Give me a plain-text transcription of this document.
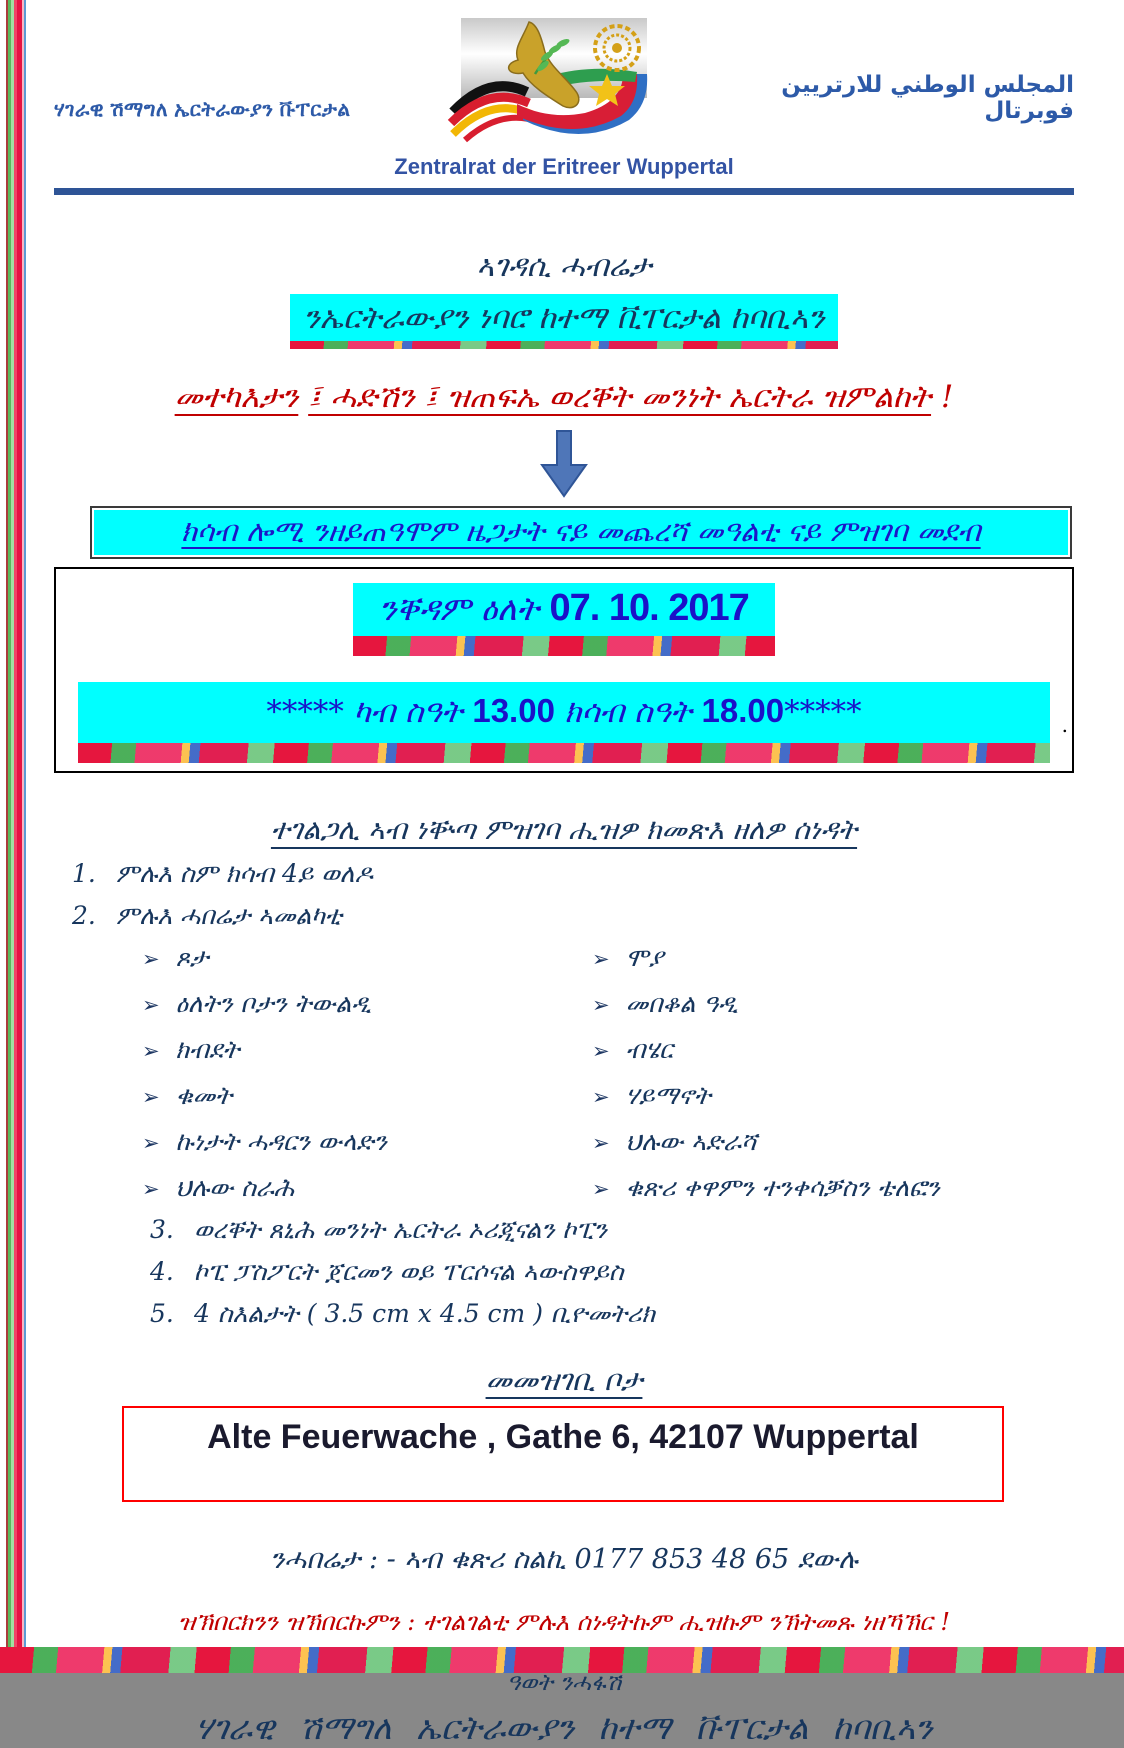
ሃገራዊ ሽማግለ ኤርትራውያን ቩፐርታል
المجلس الوطني للارتريين فوبرتال
Zentralrat der Eritreer Wuppertal
ኣገዳሲ ሓብሬታ
ንኤርትራውያን ነባሮ ከተማ ቪፐርታል ከባቢኣን
መተካእታን ፤ ሓድሽን ፤ ዝጠፍኤ ወረቐት መንነት ኤርትራ ዝምልከት !
ክሳብ ሎሚ ንዘይጠዓሞም ዜጋታት ናይ መጨረሻ መዓልቲ ናይ ምዝገባ መደብ
ንቐዳም ዕለት 07. 10. 2017
***** ካብ ስዓት 13.00 ክሳብ ስዓት 18.00*****	.
ተገልጋሊ ኣብ ነቝጣ ምዝገባ ሒዝዎ ክመጽእ ዘለዎ ሰነዳት
1. ምሉእ ስም ክሳብ 4ይ ወለዶ
2. ምሉእ ሓበሬታ ኣመልካቲ
➢ ጾታ	➢ ሞያ
➢ ዕለትን ቦታን ትውልዲ	➢ መበቆል ዓዲ
➢ ክብደት	➢ ብሄር
➢ ቁመት	➢ ሃይማኖት
➢ ኩነታት ሓዳርን ውላድን	➢ ህሉው ኣድራሻ
➢ ህሉው ስራሕ	➢ ቁጽሪ ቀዋምን ተንቀሳቓስን ቴለፎን
3. ወረቐት ጸኒሕ መንነት ኤርትራ ኦሪጂናልን ኮፒን
4. ኮፒ ፓስፖርት ጀርመን ወይ ፐርሶናል ኣውስዋይስ
5. 4 ስእልታት ( 3.5 cm x 4.5 cm ) ቢዮመትሪክ
መመዝገቢ ቦታ
Alte Feuerwache , Gathe 6, 42107 Wuppertal
ንሓበሬታ : - ኣብ ቁጽሪ ስልኪ 0177 853 48 65 ደውሉ
ዝኽበርክንን ዝኽበርኩምን : ተገልገልቲ ምሉእ ሰነዳትኩም ሒዝኩም ንኽትመጹ ነዘኻኽር !
ዓወት ንሓፋሽ
ሃገራዊ ሽማግለ ኤርትራውያን ከተማ ቩፐርታል ከባቢኣን
